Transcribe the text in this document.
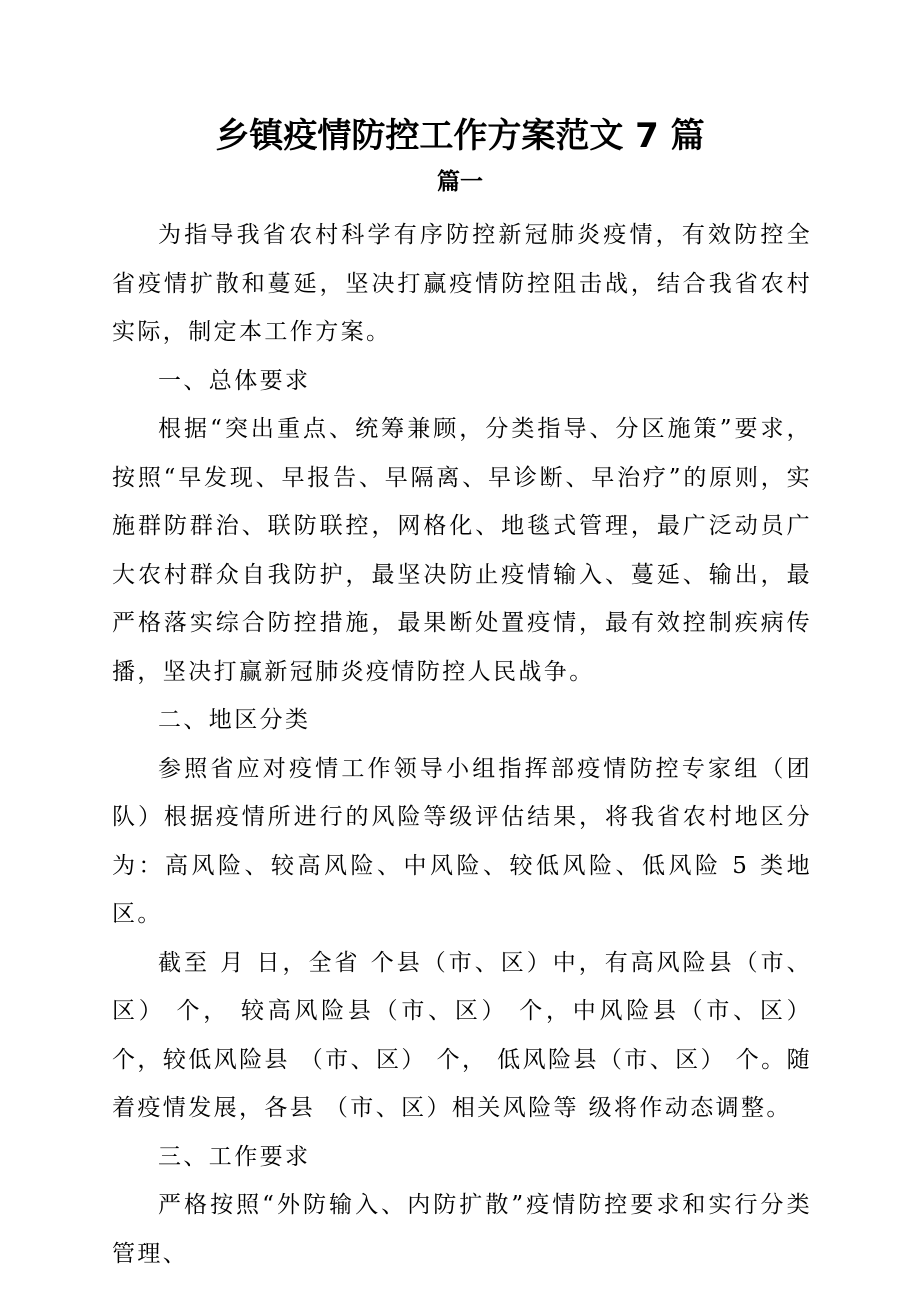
乡镇疫情防控工作方案范文 7 篇
篇一

为指导我省农村科学有序防控新冠肺炎疫情，有效防控全省疫情扩散和蔓延，坚决打赢疫情防控阻击战，结合我省农村实际，制定本工作方案。

一、总体要求

根据“突出重点、统筹兼顾，分类指导、分区施策”要求，按照“早发现、早报告、早隔离、早诊断、早治疗”的原则，实施群防群治、联防联控，网格化、地毯式管理，最广泛动员广大农村群众自我防护，最坚决防止疫情输入、蔓延、输出，最严格落实综合防控措施，最果断处置疫情，最有效控制疾病传播，坚决打赢新冠肺炎疫情防控人民战争。

二、地区分类

参照省应对疫情工作领导小组指挥部疫情防控专家组（团队）根据疫情所进行的风险等级评估结果，将我省农村地区分为：高风险、较高风险、中风险、较低风险、低风险 5 类地区。

截至 月 日，全省 个县（市、区）中，有高风险县（市、区） 个， 较高风险县（市、区） 个，中风险县（市、区） 个，较低风险县 （市、区） 个， 低风险县（市、区） 个。随着疫情发展，各县 （市、区）相关风险等 级将作动态调整。

三、工作要求

严格按照“外防输入、内防扩散”疫情防控要求和实行分类管理、
